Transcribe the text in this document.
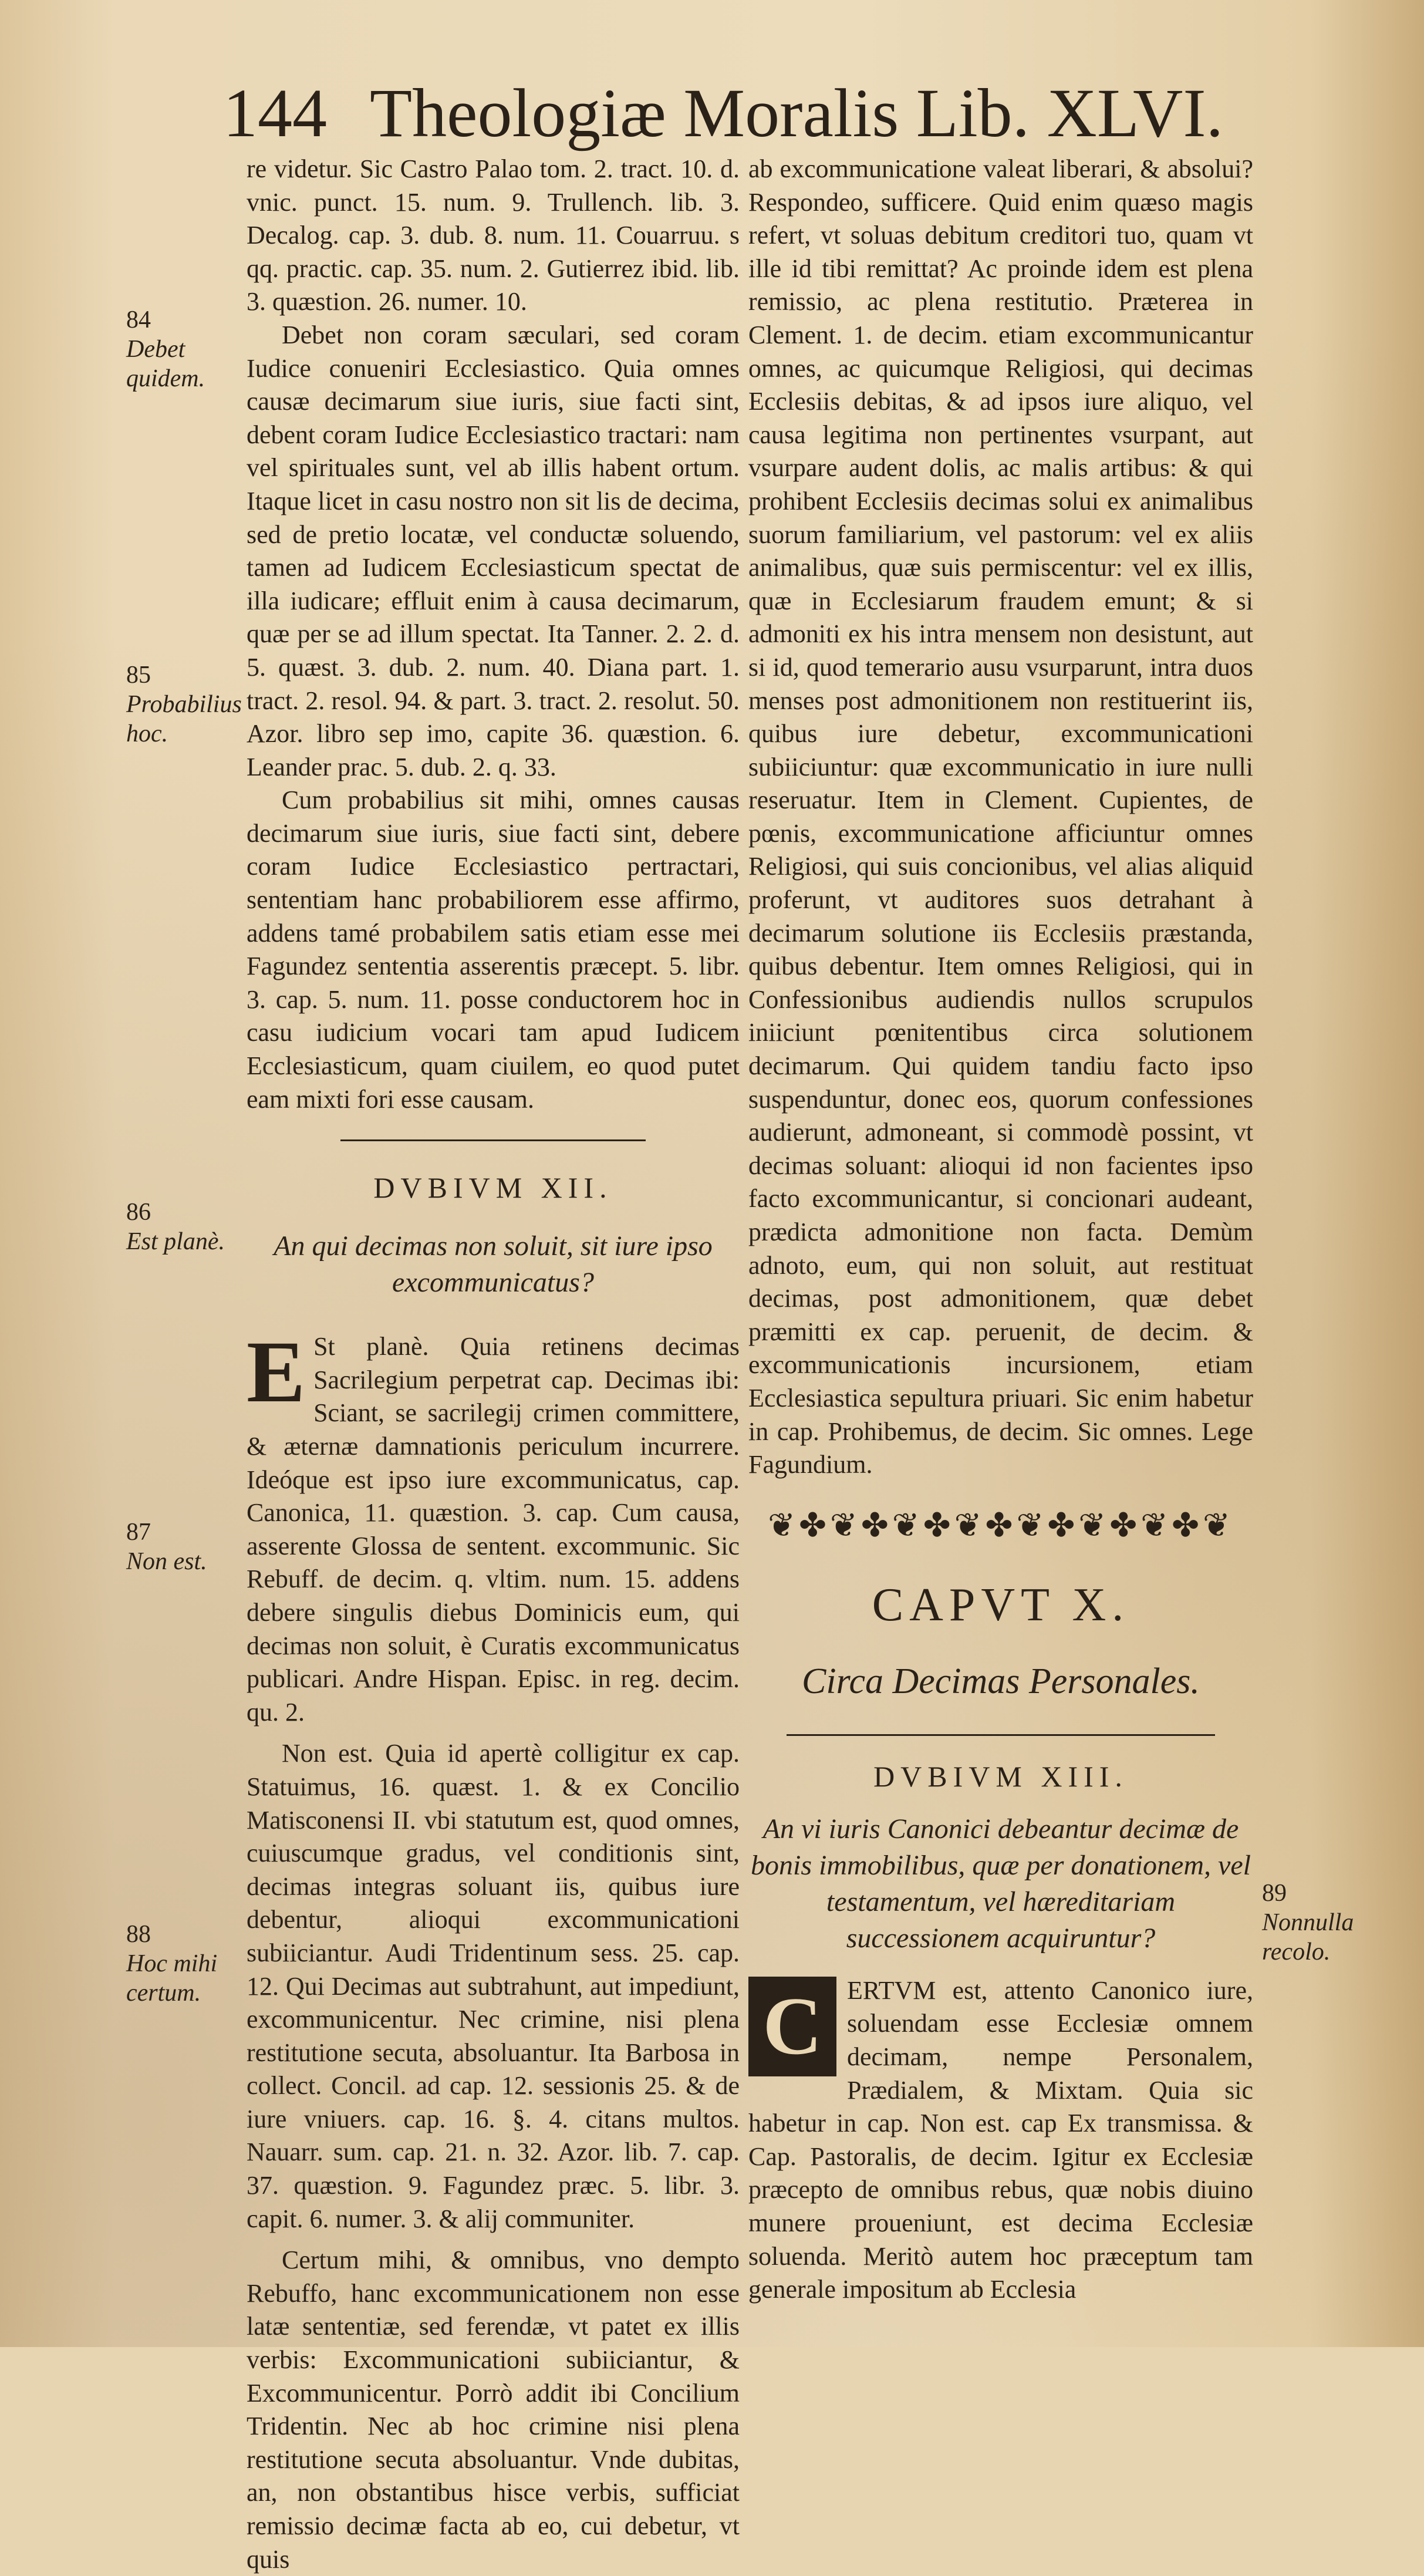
144 Theologiæ Moralis Lib. XLVI.

re videtur. Sic Castro Palao tom. 2. tract. 10. d. vnic. punct. 15. num. 9. Trullench. lib. 3. Decalog. cap. 3. dub. 8. num. 11. Couarruu. s qq. practic. cap. 35. num. 2. Gutierrez ibid. lib. 3. quæstion. 26. numer. 10.

Debet non coram sæculari, sed coram Iudice conueniri Ecclesiastico. Quia omnes causæ decimarum siue iuris, siue facti sint, debent coram Iudice Ecclesiastico tractari: nam vel spirituales sunt, vel ab illis habent ortum. Itaque licet in casu nostro non sit lis de decima, sed de pretio locatæ, vel conductæ soluendo, tamen ad Iudicem Ecclesiasticum spectat de illa iudicare; effluit enim à causa decimarum, quæ per se ad illum spectat. Ita Tanner. 2. 2. d. 5. quæst. 3. dub. 2. num. 40. Diana part. 1. tract. 2. resol. 94. & part. 3. tract. 2. resolut. 50. Azor. libro sep imo, capite 36. quæstion. 6. Leander prac. 5. dub. 2. q. 33.

Cum probabilius sit mihi, omnes causas decimarum siue iuris, siue facti sint, debere coram Iudice Ecclesiastico pertractari, sententiam hanc probabiliorem esse affirmo, addens tamé probabilem satis etiam esse mei Fagundez sententia asserentis præcept. 5. libr. 3. cap. 5. num. 11. posse conductorem hoc in casu iudicium vocari tam apud Iudicem Ecclesiasticum, quam ciuilem, eo quod putet eam mixti fori esse causam.

DVBIVM XII.

An qui decimas non soluit, sit iure ipso excommunicatus?

E St planè. Quia retinens decimas Sacrilegium perpetrat cap. Decimas ibi: Sciant, se sacrilegij crimen committere, & æternæ damnationis periculum incurrere. Ideóque est ipso iure excommunicatus, cap. Canonica, 11. quæstion. 3. cap. Cum causa, asserente Glossa de sentent. excommunic. Sic Rebuff. de decim. q. vltim. num. 15. addens debere singulis diebus Dominicis eum, qui decimas non soluit, è Curatis excommunicatus publicari. Andre Hispan. Episc. in reg. decim. qu. 2.

Non est. Quia id apertè colligitur ex cap. Statuimus, 16. quæst. 1. & ex Concilio Matisconensi II. vbi statutum est, quod omnes, cuiuscumque gradus, vel conditionis sint, decimas integras soluant iis, quibus iure debentur, alioqui excommunicationi subiiciantur. Audi Tridentinum sess. 25. cap. 12. Qui Decimas aut subtrahunt, aut impediunt, excommunicentur. Nec crimine, nisi plena restitutione secuta, absoluantur. Ita Barbosa in collect. Concil. ad cap. 12. sessionis 25. & de iure vniuers. cap. 16. §. 4. citans multos. Nauarr. sum. cap. 21. n. 32. Azor. lib. 7. cap. 37. quæstion. 9. Fagundez præc. 5. libr. 3. capit. 6. numer. 3. & alij communiter.

Certum mihi, & omnibus, vno dempto Rebuffo, hanc excommunicationem non esse latæ sententiæ, sed ferendæ, vt patet ex illis verbis: Excommunicationi subiiciantur, & Excommunicentur. Porrò addit ibi Concilium Tridentin. Nec ab hoc crimine nisi plena restitutione secuta absoluantur. Vnde dubitas, an, non obstantibus hisce verbis, sufficiat remissio decimæ facta ab eo, cui debetur, vt quis

84
Debet quidem.
85
Probabilius hoc.
86
Est planè.
87
Non est.
88
Hoc mihi certum.

ab excommunicatione valeat liberari, & absolui? Respondeo, sufficere. Quid enim quæso magis refert, vt soluas debitum creditori tuo, quam vt ille id tibi remittat? Ac proinde idem est plena remissio, ac plena restitutio. Præterea in Clement. 1. de decim. etiam excommunicantur omnes, ac quicumque Religiosi, qui decimas Ecclesiis debitas, & ad ipsos iure aliquo, vel causa legitima non pertinentes vsurpant, aut vsurpare audent dolis, ac malis artibus: & qui prohibent Ecclesiis decimas solui ex animalibus suorum familiarium, vel pastorum: vel ex aliis animalibus, quæ suis permiscentur: vel ex illis, quæ in Ecclesiarum fraudem emunt; & si admoniti ex his intra mensem non desistunt, aut si id, quod temerario ausu vsurparunt, intra duos menses post admonitionem non restituerint iis, quibus iure debetur, excommunicationi subiiciuntur: quæ excommunicatio in iure nulli reseruatur. Item in Clement. Cupientes, de pœnis, excommunicatione afficiuntur omnes Religiosi, qui suis concionibus, vel alias aliquid proferunt, vt auditores suos detrahant à decimarum solutione iis Ecclesiis præstanda, quibus debentur. Item omnes Religiosi, qui in Confessionibus audiendis nullos scrupulos iniiciunt pœnitentibus circa solutionem decimarum. Qui quidem tandiu facto ipso suspenduntur, donec eos, quorum confessiones audierunt, admoneant, si commodè possint, vt decimas soluant: alioqui id non facientes ipso facto excommunicantur, si concionari audeant, prædicta admonitione non facta. Demùm adnoto, eum, qui non soluit, aut restituat decimas, post admonitionem, quæ debet præmitti ex cap. peruenit, de decim. & excommunicationis incursionem, etiam Ecclesiastica sepultura priuari. Sic enim habetur in cap. Prohibemus, de decim. Sic omnes. Lege Fagundium.

❦✤❦✤❦✤❦✤❦✤❦✤❦✤❦

CAPVT X.

Circa Decimas Personales.

DVBIVM XIII.

An vi iuris Canonici debeantur decimæ de bonis immobilibus, quæ per donationem, vel testamentum, vel hæreditariam successionem acquiruntur?

C ERTVM est, attento Canonico iure, soluendam esse Ecclesiæ omnem decimam, nempe Personalem, Prædialem, & Mixtam. Quia sic habetur in cap. Non est. cap Ex transmissa. & Cap. Pastoralis, de decim. Igitur ex Ecclesiæ præcepto de omnibus rebus, quæ nobis diuino munere proueniunt, est decima Ecclesiæ soluenda. Meritò autem hoc præceptum tam generale impositum ab Ecclesia

89
Nonnulla recolo.
